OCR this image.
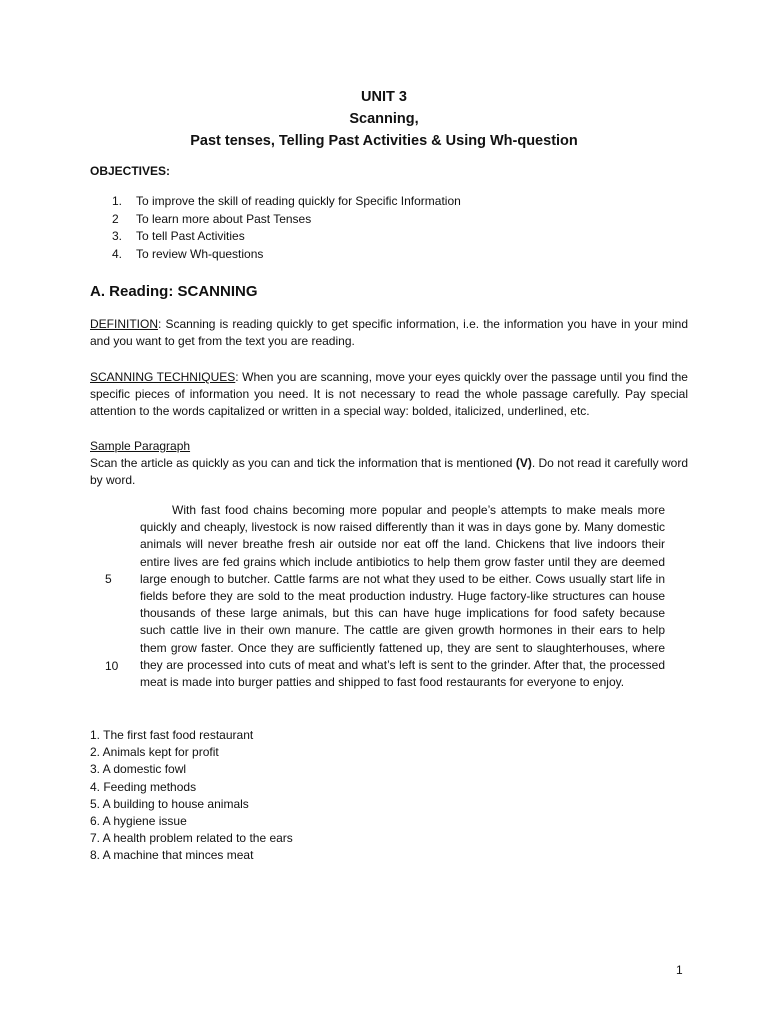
UNIT 3
Scanning,
Past tenses, Telling Past Activities & Using Wh-question
OBJECTIVES:
1.	To improve the skill of reading quickly for Specific Information
2	To learn more about Past Tenses
3.	To tell Past Activities
4.	To review Wh-questions
A. Reading: SCANNING

DEFINITION: Scanning is reading quickly to get specific information, i.e. the information you have in your mind and you want to get from the text you are reading.

SCANNING TECHNIQUES: When you are scanning, move your eyes quickly over the passage until you find the specific pieces of information you need. It is not necessary to read the whole passage carefully. Pay special attention to the words capitalized or written in a special way: bolded, italicized, underlined, etc.

Sample Paragraph

Scan the article as quickly as you can and tick the information that is mentioned (V). Do not read it carefully word by word.

With fast food chains becoming more popular and people’s attempts to make meals more quickly and cheaply, livestock is now raised differently than it was in days gone by. Many domestic animals will never breathe fresh air outside nor eat off the land. Chickens that live indoors their entire lives are fed grains which include antibiotics to help them grow faster until they are deemed large enough to butcher. Cattle farms are not what they used to be either. Cows usually start life in fields before they are sold to the meat production industry. Huge factory-like structures can house thousands of these large animals, but this can have huge implications for food safety because such cattle live in their own manure. The cattle are given growth hormones in their ears to help them grow faster. Once they are sufficiently fattened up, they are sent to slaughterhouses, where they are processed into cuts of meat and what’s left is sent to the grinder. After that, the processed meat is made into burger patties and shipped to fast food restaurants for everyone to enjoy.

5
10
1. The first fast food restaurant
2. Animals kept for profit
3. A domestic fowl
4. Feeding methods
5. A building to house animals
6. A hygiene issue
7. A health problem related to the ears
8. A machine that minces meat
1
